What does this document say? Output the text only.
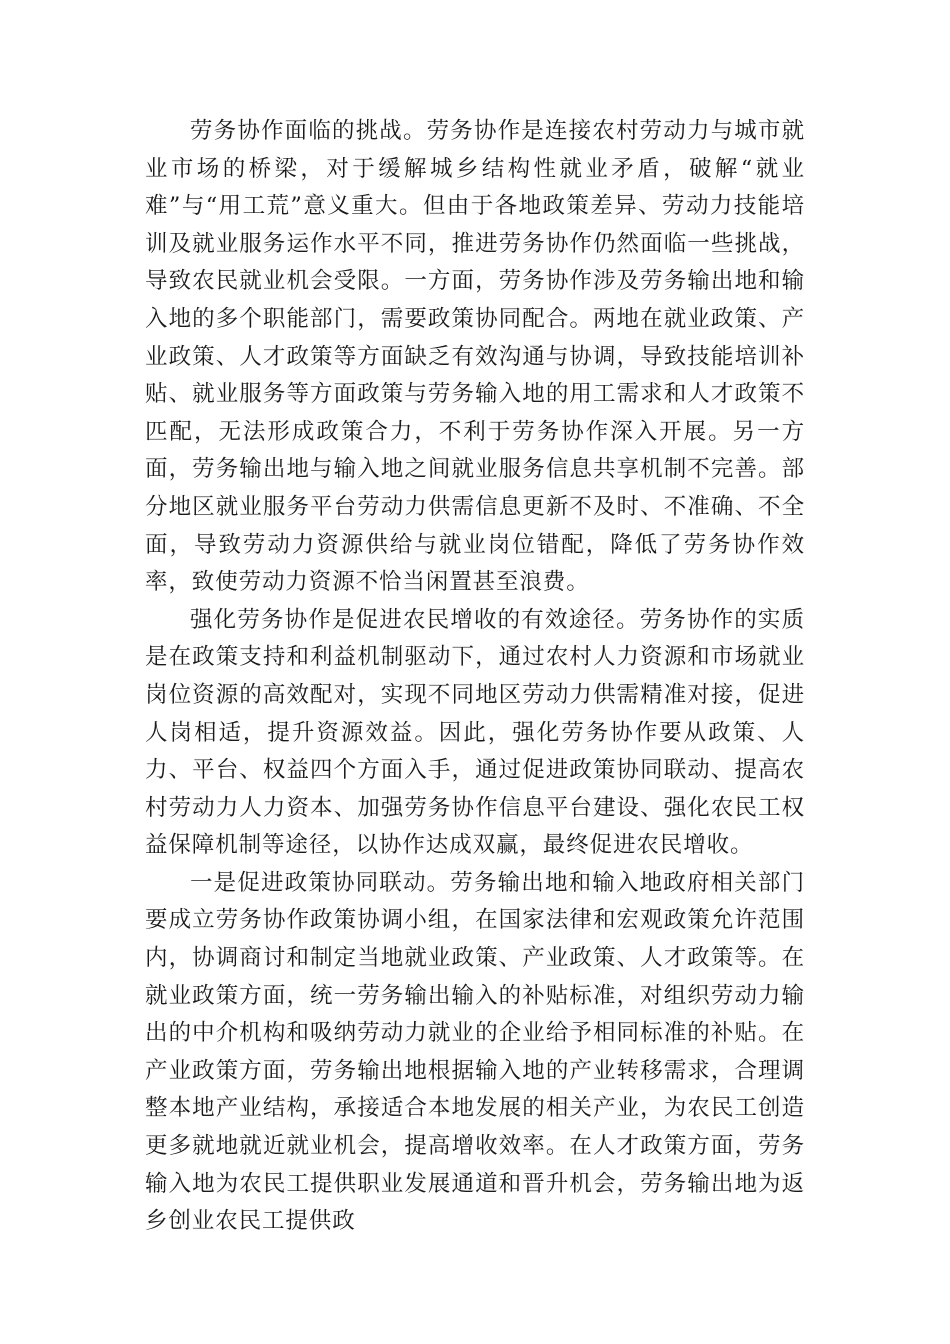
劳务协作面临的挑战。劳务协作是连接农村劳动力与城市就业市场的桥梁，对于缓解城乡结构性就业矛盾，破解“就业难”与“用工荒”意义重大。但由于各地政策差异、劳动力技能培训及就业服务运作水平不同，推进劳务协作仍然面临一些挑战，导致农民就业机会受限。一方面，劳务协作涉及劳务输出地和输入地的多个职能部门，需要政策协同配合。两地在就业政策、产业政策、人才政策等方面缺乏有效沟通与协调，导致技能培训补贴、就业服务等方面政策与劳务输入地的用工需求和人才政策不匹配，无法形成政策合力，不利于劳务协作深入开展。另一方面，劳务输出地与输入地之间就业服务信息共享机制不完善。部分地区就业服务平台劳动力供需信息更新不及时、不准确、不全面，导致劳动力资源供给与就业岗位错配，降低了劳务协作效率，致使劳动力资源不恰当闲置甚至浪费。

强化劳务协作是促进农民增收的有效途径。劳务协作的实质是在政策支持和利益机制驱动下，通过农村人力资源和市场就业岗位资源的高效配对，实现不同地区劳动力供需精准对接，促进人岗相适，提升资源效益。因此，强化劳务协作要从政策、人力、平台、权益四个方面入手，通过促进政策协同联动、提高农村劳动力人力资本、加强劳务协作信息平台建设、强化农民工权益保障机制等途径，以协作达成双赢，最终促进农民增收。

一是促进政策协同联动。劳务输出地和输入地政府相关部门要成立劳务协作政策协调小组，在国家法律和宏观政策允许范围内，协调商讨和制定当地就业政策、产业政策、人才政策等。在就业政策方面，统一劳务输出输入的补贴标准，对组织劳动力输出的中介机构和吸纳劳动力就业的企业给予相同标准的补贴。在产业政策方面，劳务输出地根据输入地的产业转移需求，合理调整本地产业结构，承接适合本地发展的相关产业，为农民工创造更多就地就近就业机会，提高增收效率。在人才政策方面，劳务输入地为农民工提供职业发展通道和晋升机会，劳务输出地为返乡创业农民工提供政
